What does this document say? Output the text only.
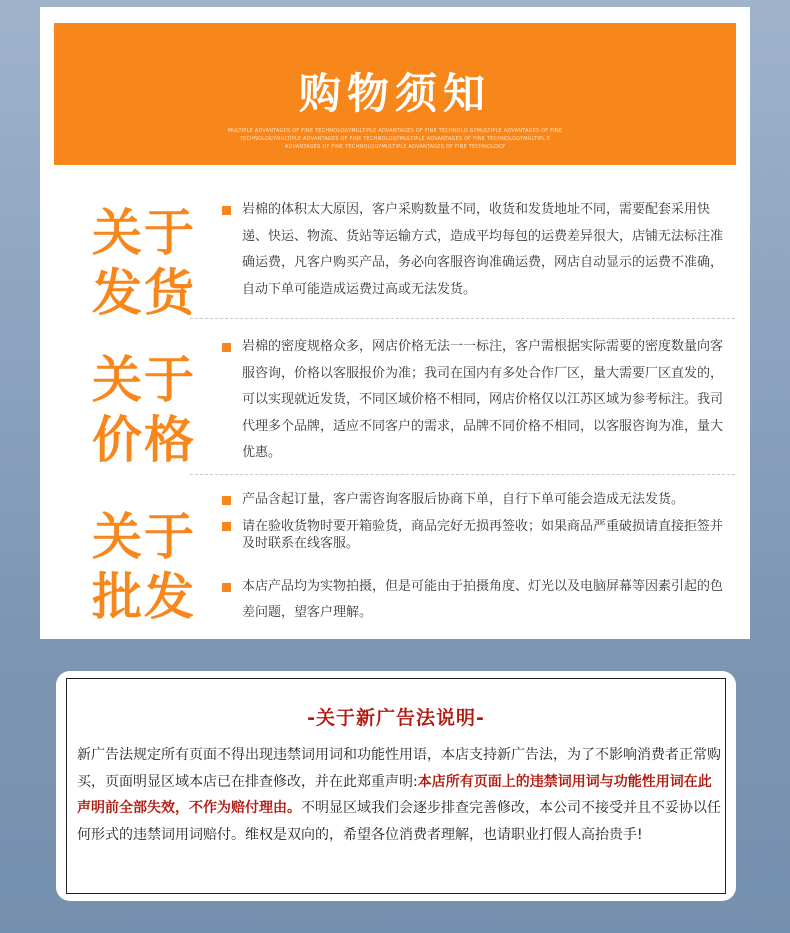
购物须知
MULTIPLE ADVANTAGES OF FINE TECHNOLOGYMULTIPLE ADVANTAGES OF FINE TECHNOLO GYMULTIPLE ADVANTAGES OF FINE TECHNOLOGYMULTIPLE ADVANTAGES OF FINE TECHNOLOGYMULTIPLE ADVANTAGES OF FINE TECHNOLOGYMULTIPL E ADVANTAGES OF FINE TECHNOLOGYMULTIPLE ADVANTAGES OF FINE TECHNOLOGY
关于
发货
岩棉的体积太大原因，客户采购数量不同，收货和发货地址不同，需要配套采用快递、快运、物流、货站等运输方式，造成平均每包的运费差异很大，店铺无法标注准确运费，凡客户购买产品，务必向客服咨询准确运费，网店自动显示的运费不准确，自动下单可能造成运费过高或无法发货。
关于
价格
岩棉的密度规格众多，网店价格无法一一标注，客户需根据实际需要的密度数量向客服咨询，价格以客服报价为准；我司在国内有多处合作厂区，量大需要厂区直发的，可以实现就近发货，不同区域价格不相同，网店价格仅以江苏区域为参考标注。我司代理多个品牌，适应不同客户的需求，品牌不同价格不相同，以客服咨询为准，量大优惠。
关于
批发
产品含起订量，客户需咨询客服后协商下单，自行下单可能会造成无法发货。
请在验收货物时要开箱验货，商品完好无损再签收；如果商品严重破损请直接拒签并及时联系在线客服。
本店产品均为实物拍摄，但是可能由于拍摄角度、灯光以及电脑屏幕等因素引起的色差问题，望客户理解。
-关于新广告法说明-
新广告法规定所有页面不得出现违禁词用词和功能性用语，本店支持新广告法，为了不影响消费者正常购买，页面明显区域本店已在排查修改，并在此郑重声明:本店所有页面上的违禁词用词与功能性用词在此声明前全部失效，不作为赔付理由。不明显区域我们会逐步排查完善修改，本公司不接受并且不妥协以任何形式的违禁词用词赔付。维权是双向的，希望各位消费者理解，也请职业打假人高抬贵手!
